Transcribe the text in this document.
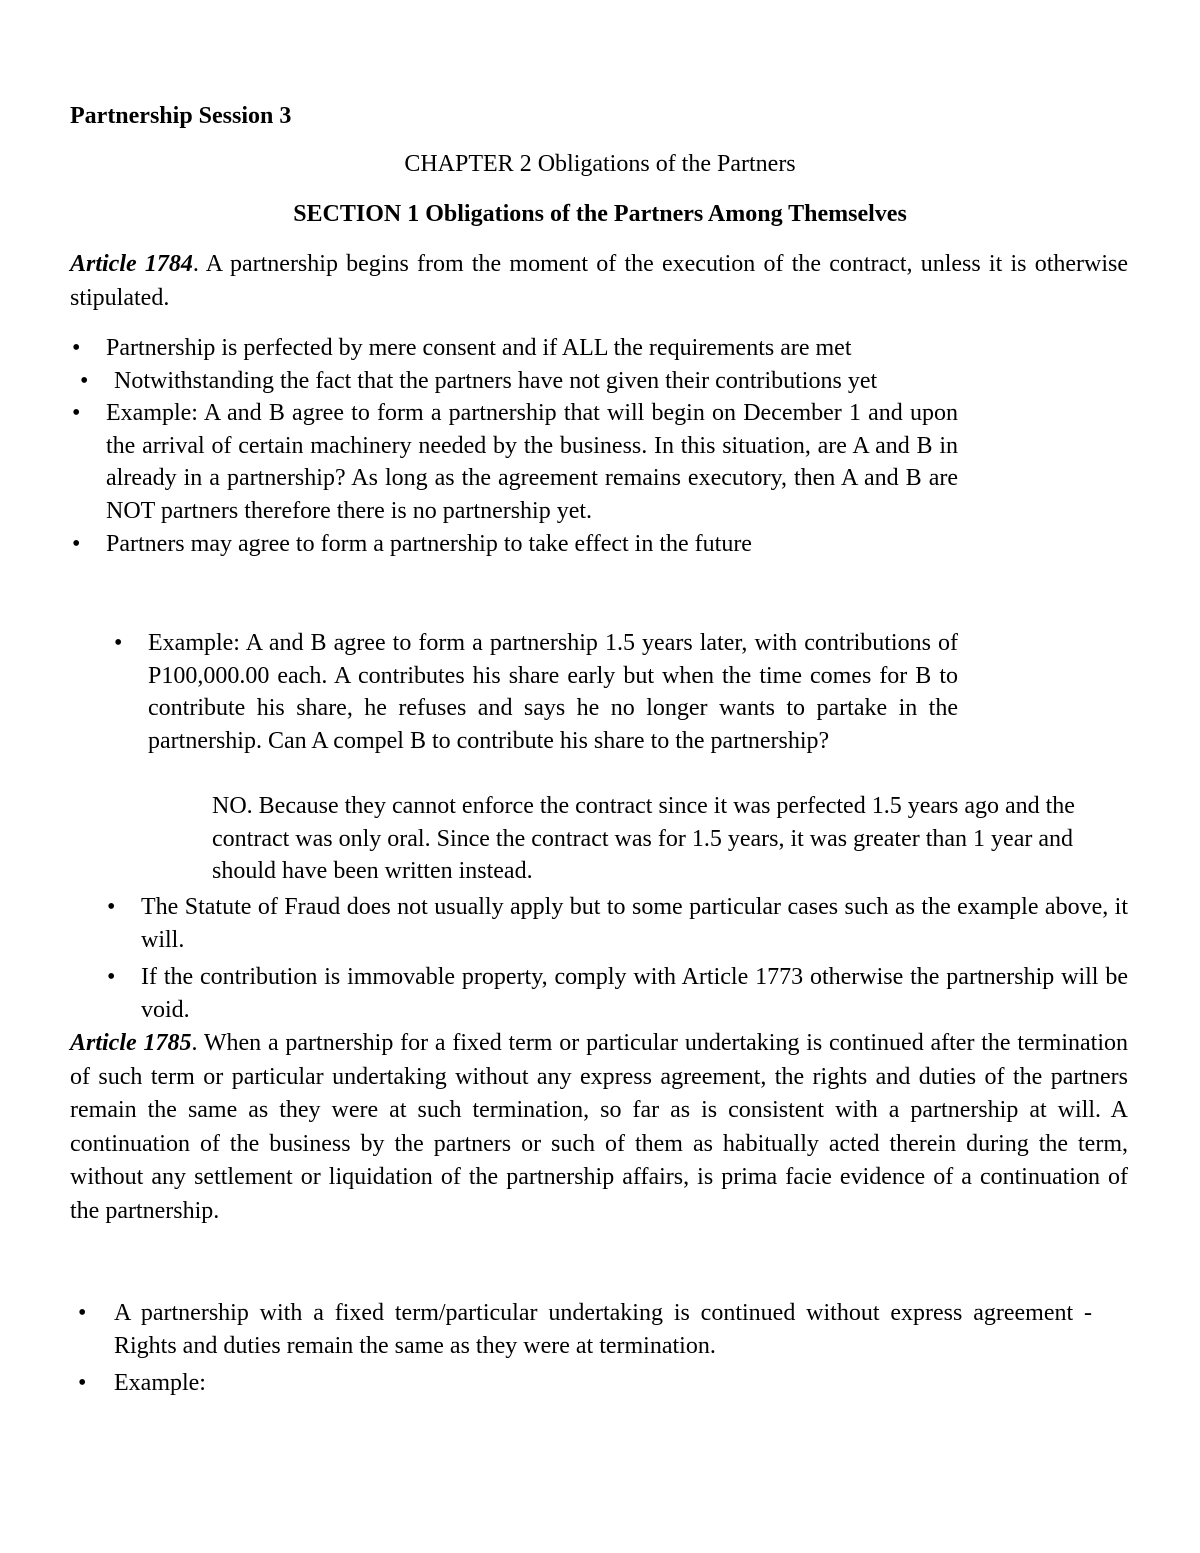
Partnership Session 3
CHAPTER 2 Obligations of the Partners
SECTION 1 Obligations of the Partners Among Themselves

Article 1784. A partnership begins from the moment of the execution of the contract, unless it is otherwise stipulated.

• Partnership is perfected by mere consent and if ALL the requirements are met
• Notwithstanding the fact that the partners have not given their contributions yet
• Example: A and B agree to form a partnership that will begin on December 1 and upon the arrival of certain machinery needed by the business. In this situation, are A and B in already in a partnership? As long as the agreement remains executory, then A and B are NOT partners therefore there is no partnership yet.
• Partners may agree to form a partnership to take effect in the future
• Example: A and B agree to form a partnership 1.5 years later, with contributions of P100,000.00 each. A contributes his share early but when the time comes for B to contribute his share, he refuses and says he no longer wants to partake in the partnership. Can A compel B to contribute his share to the partnership?

NO. Because they cannot enforce the contract since it was perfected 1.5 years ago and the contract was only oral. Since the contract was for 1.5 years, it was greater than 1 year and should have been written instead.

• The Statute of Fraud does not usually apply but to some particular cases such as the example above, it will.
• If the contribution is immovable property, comply with Article 1773 otherwise the partnership will be void.

Article 1785. When a partnership for a fixed term or particular undertaking is continued after the termination of such term or particular undertaking without any express agreement, the rights and duties of the partners remain the same as they were at such termination, so far as is consistent with a partnership at will. A continuation of the business by the partners or such of them as habitually acted therein during the term, without any settlement or liquidation of the partnership affairs, is prima facie evidence of a continuation of the partnership.

• A partnership with a fixed term/particular undertaking is continued without express agreement -Rights and duties remain the same as they were at termination.
• Example:
